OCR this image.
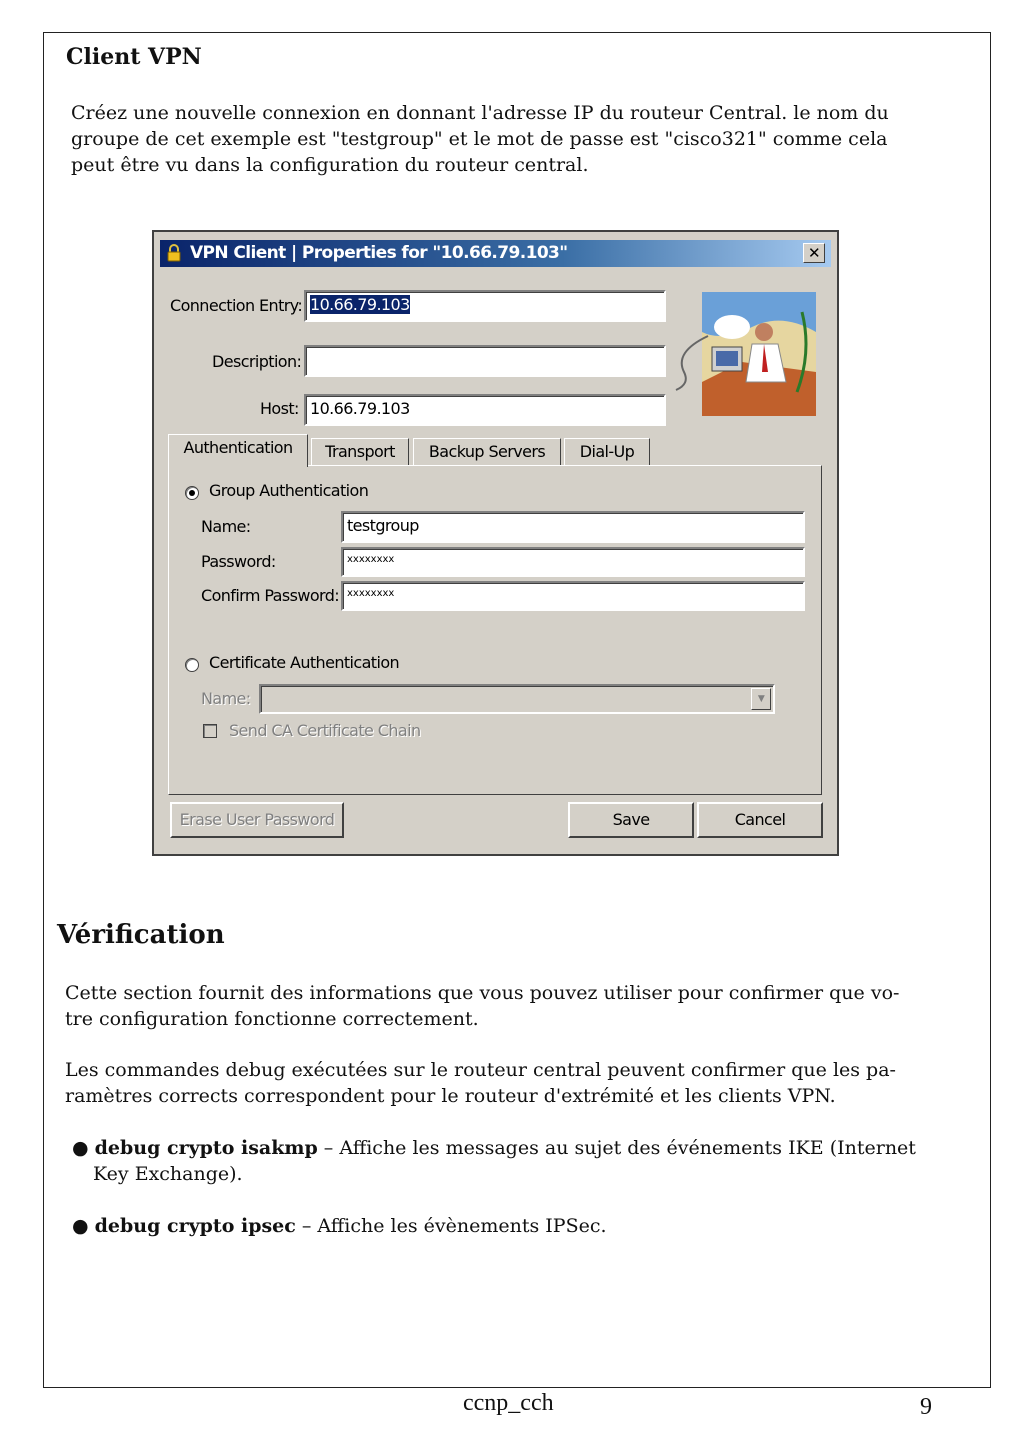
Client VPN

Créez une nouvelle connexion en donnant l'adresse IP du routeur Central. le nom du

groupe de cet exemple est "testgroup" et le mot de passe est "cisco321" comme cela

peut être vu dans la configuration du routeur central.

VPN Client | Properties for "10.66.79.103"	✕
Connection Entry: 10.66.79.103
Description:
Host: 10.66.79.103
Authentication	Transport	Backup Servers	Dial-Up
Group Authentication
Name:	testgroup
Password:	xxxxxxxx
Confirm Password: xxxxxxxx
Certificate Authentication
Name:	▼
Send CA Certificate Chain
Erase User Password	Save	Cancel
Vérification

Cette section fournit des informations que vous pouvez utiliser pour confirmer que vo-

tre configuration fonctionne correctement.

Les commandes debug exécutées sur le routeur central peuvent confirmer que les pa-

ramètres corrects correspondent pour le routeur d'extrémité et les clients VPN.

● debug crypto isakmp – Affiche les messages au sujet des événements IKE (Internet
Key Exchange).
● debug crypto ipsec – Affiche les évènements IPSec.
ccnp_cch	9
